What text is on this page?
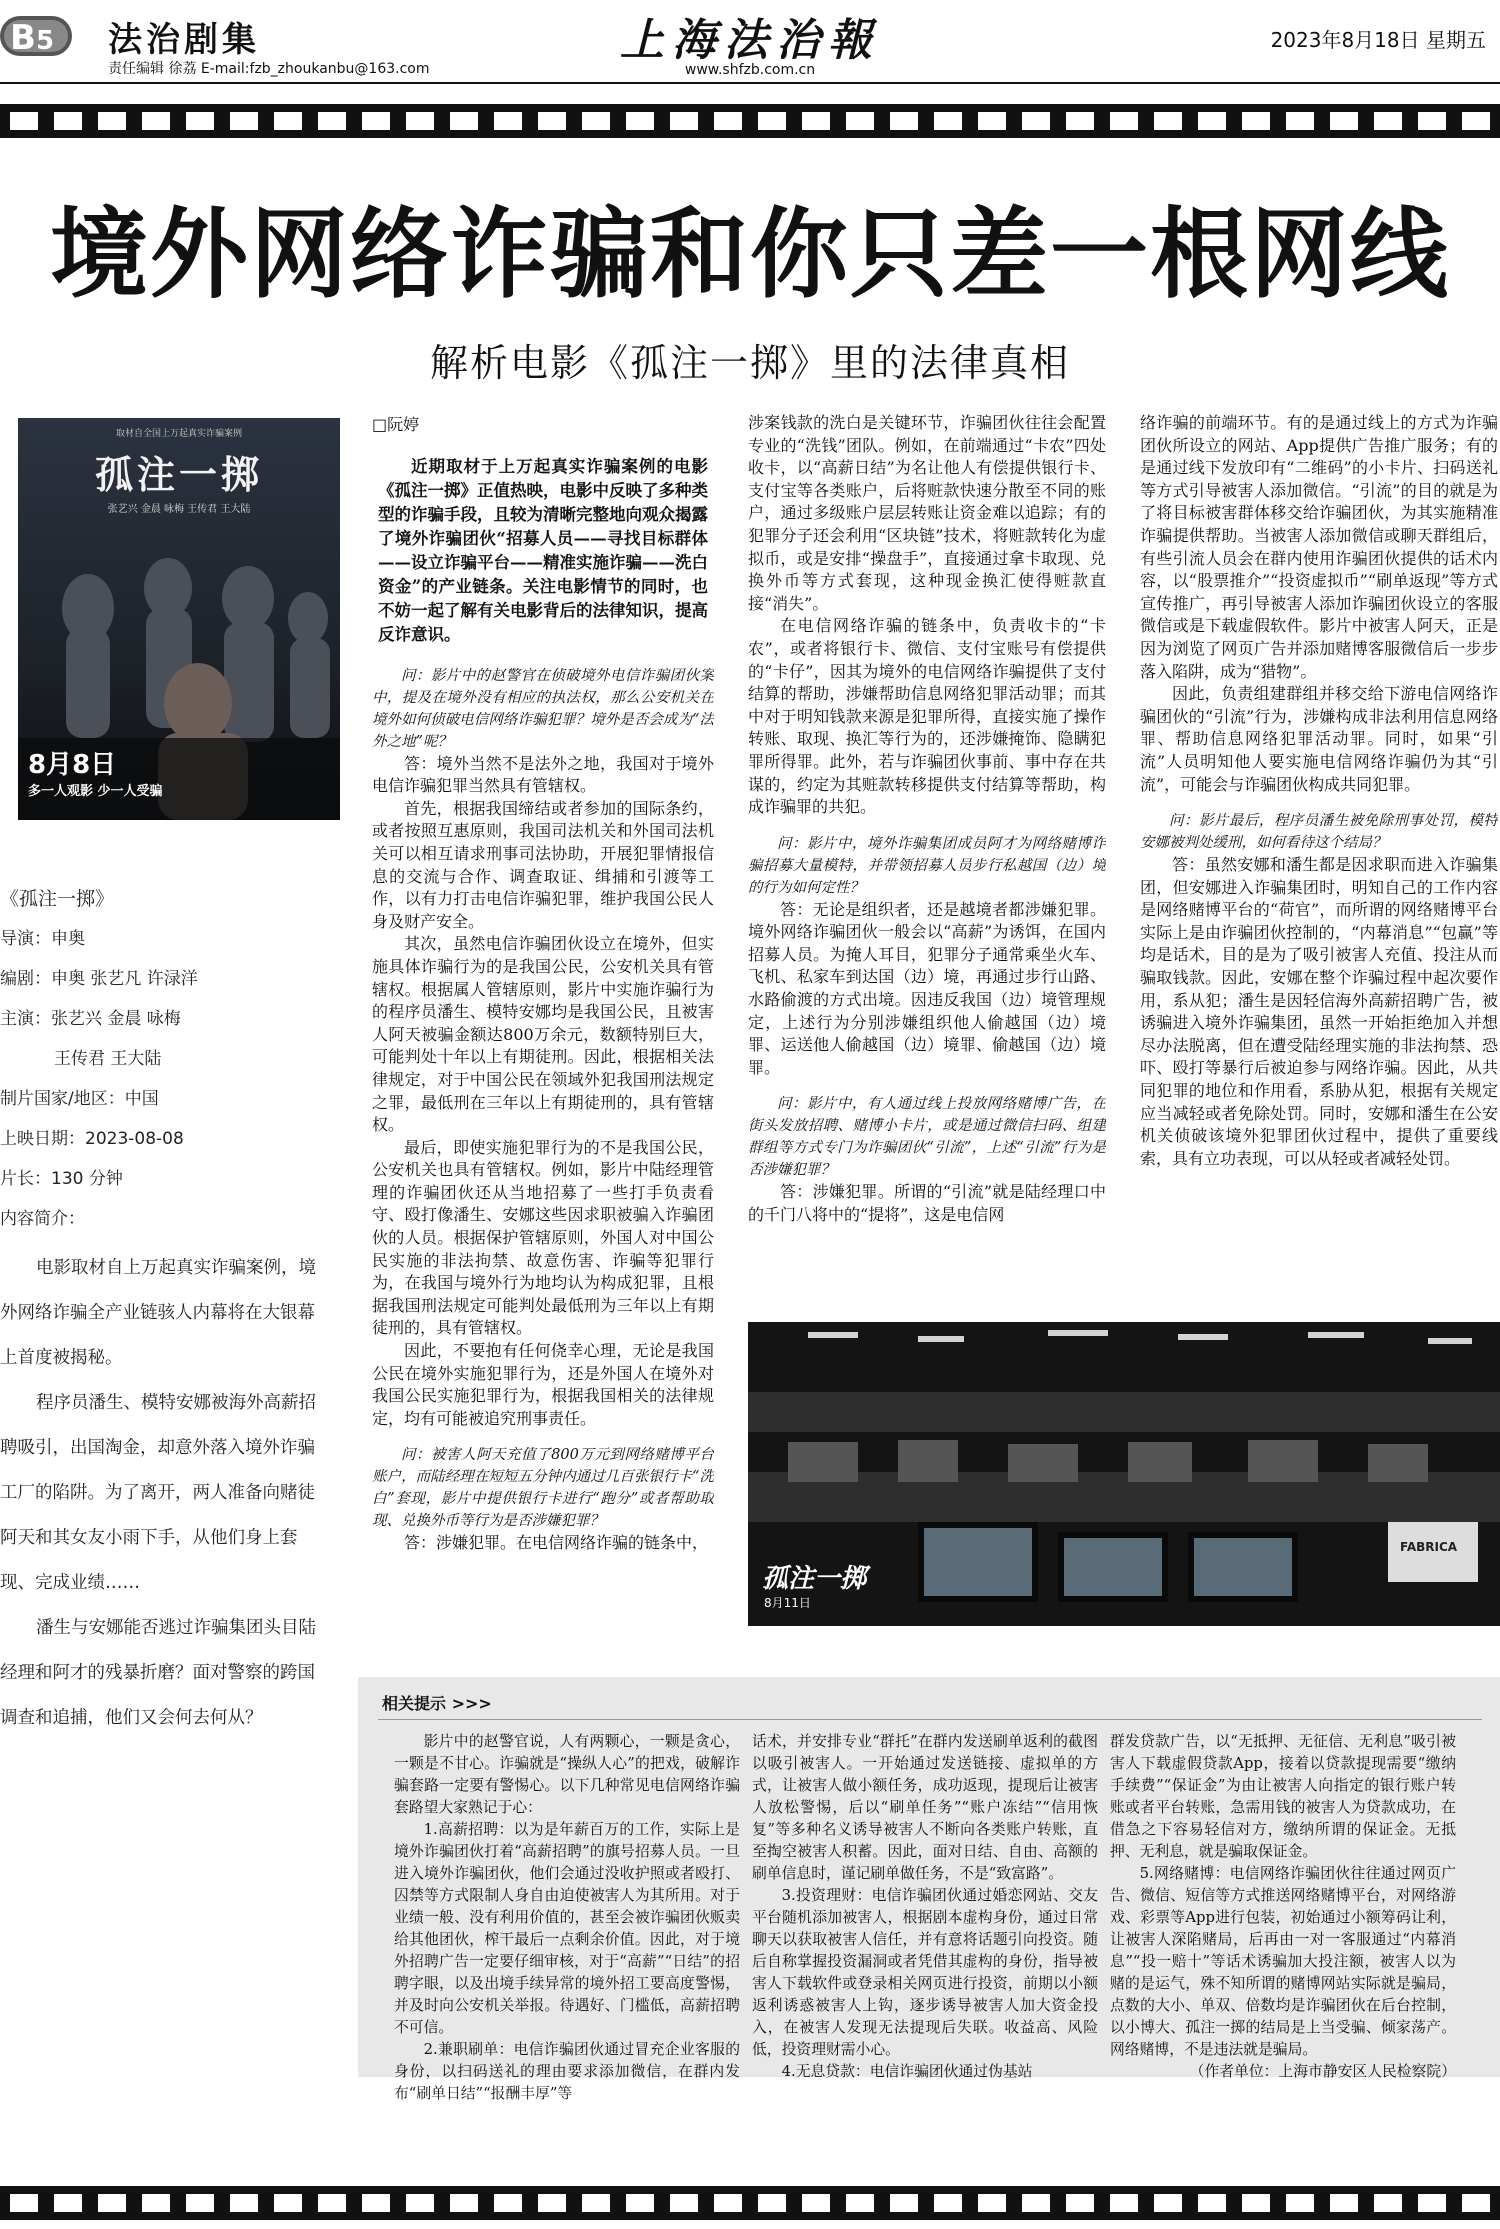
B 5 法治剧集
责任编辑 徐荔 E-mail:fzb_zhoukanbu@163.com
上海法治報
www.shfzb.com.cn
2023年8月18日 星期五
境外网络诈骗和你只差一根网线
解析电影《孤注一掷》里的法律真相
取材自全国上万起真实诈骗案例
孤注一掷
张艺兴 金晨 咏梅 王传君 王大陆
8月8日
多一人观影 少一人受骗
《孤注一掷》
导演：申奥
编剧：申奥 张艺凡 许渌洋
主演：张艺兴 金晨 咏梅
王传君 王大陆
制片国家/地区：中国
上映日期：2023-08-08
片长：130 分钟
内容简介：
电影取材自上万起真实诈骗案例，境外网络诈骗全产业链骇人内幕将在大银幕上首度被揭秘。
程序员潘生、模特安娜被海外高薪招聘吸引，出国淘金，却意外落入境外诈骗工厂的陷阱。为了离开，两人准备向赌徒阿天和其女友小雨下手，从他们身上套现、完成业绩……
潘生与安娜能否逃过诈骗集团头目陆经理和阿才的残暴折磨？面对警察的跨国调查和追捕，他们又会何去何从？
□阮婷

近期取材于上万起真实诈骗案例的电影《孤注一掷》正值热映，电影中反映了多种类型的诈骗手段，且较为清晰完整地向观众揭露了境外诈骗团伙“招募人员——寻找目标群体——设立诈骗平台——精准实施诈骗——洗白资金”的产业链条。关注电影情节的同时，也不妨一起了解有关电影背后的法律知识，提高反诈意识。

问：影片中的赵警官在侦破境外电信诈骗团伙案中，提及在境外没有相应的执法权，那么公安机关在境外如何侦破电信网络诈骗犯罪？境外是否会成为“法外之地”呢？

答：境外当然不是法外之地，我国对于境外电信诈骗犯罪当然具有管辖权。

首先，根据我国缔结或者参加的国际条约，或者按照互惠原则，我国司法机关和外国司法机关可以相互请求刑事司法协助，开展犯罪情报信息的交流与合作、调查取证、缉捕和引渡等工作，以有力打击电信诈骗犯罪，维护我国公民人身及财产安全。

其次，虽然电信诈骗团伙设立在境外，但实施具体诈骗行为的是我国公民，公安机关具有管辖权。根据属人管辖原则，影片中实施诈骗行为的程序员潘生、模特安娜均是我国公民，且被害人阿天被骗金额达800万余元，数额特别巨大，可能判处十年以上有期徒刑。因此，根据相关法律规定，对于中国公民在领域外犯我国刑法规定之罪，最低刑在三年以上有期徒刑的，具有管辖权。

最后，即使实施犯罪行为的不是我国公民，公安机关也具有管辖权。例如，影片中陆经理管理的诈骗团伙还从当地招募了一些打手负责看守、殴打像潘生、安娜这些因求职被骗入诈骗团伙的人员。根据保护管辖原则，外国人对中国公民实施的非法拘禁、故意伤害、诈骗等犯罪行为，在我国与境外行为地均认为构成犯罪，且根据我国刑法规定可能判处最低刑为三年以上有期徒刑的，具有管辖权。

因此，不要抱有任何侥幸心理，无论是我国公民在境外实施犯罪行为，还是外国人在境外对我国公民实施犯罪行为，根据我国相关的法律规定，均有可能被追究刑事责任。

问：被害人阿天充值了800万元到网络赌博平台账户，而陆经理在短短五分钟内通过几百张银行卡“洗白”套现，影片中提供银行卡进行“跑分”或者帮助取现、兑换外币等行为是否涉嫌犯罪？

答：涉嫌犯罪。在电信网络诈骗的链条中，

涉案钱款的洗白是关键环节，诈骗团伙往往会配置专业的“洗钱”团队。例如，在前端通过“卡农”四处收卡，以“高薪日结”为名让他人有偿提供银行卡、支付宝等各类账户，后将赃款快速分散至不同的账户，通过多级账户层层转账让资金难以追踪；有的犯罪分子还会利用“区块链”技术，将赃款转化为虚拟币，或是安排“操盘手”，直接通过拿卡取现、兑换外币等方式套现，这种现金换汇使得赃款直接“消失”。

在电信网络诈骗的链条中，负责收卡的“卡农”，或者将银行卡、微信、支付宝账号有偿提供的“卡仔”，因其为境外的电信网络诈骗提供了支付结算的帮助，涉嫌帮助信息网络犯罪活动罪；而其中对于明知钱款来源是犯罪所得，直接实施了操作转账、取现、换汇等行为的，还涉嫌掩饰、隐瞒犯罪所得罪。此外，若与诈骗团伙事前、事中存在共谋的，约定为其赃款转移提供支付结算等帮助，构成诈骗罪的共犯。

问：影片中，境外诈骗集团成员阿才为网络赌博诈骗招募大量模特，并带领招募人员步行私越国（边）境的行为如何定性？

答：无论是组织者，还是越境者都涉嫌犯罪。境外网络诈骗团伙一般会以“高薪”为诱饵，在国内招募人员。为掩人耳目，犯罪分子通常乘坐火车、飞机、私家车到达国（边）境，再通过步行山路、水路偷渡的方式出境。因违反我国（边）境管理规定，上述行为分别涉嫌组织他人偷越国（边）境罪、运送他人偷越国（边）境罪、偷越国（边）境罪。

问：影片中，有人通过线上投放网络赌博广告，在街头发放招聘、赌博小卡片，或是通过微信扫码、组建群组等方式专门为诈骗团伙“引流”，上述“引流”行为是否涉嫌犯罪？

答：涉嫌犯罪。所谓的“引流”就是陆经理口中的千门八将中的“提将”，这是电信网

络诈骗的前端环节。有的是通过线上的方式为诈骗团伙所设立的网站、App提供广告推广服务；有的是通过线下发放印有“二维码”的小卡片、扫码送礼等方式引导被害人添加微信。“引流”的目的就是为了将目标被害群体移交给诈骗团伙，为其实施精准诈骗提供帮助。当被害人添加微信或聊天群组后，有些引流人员会在群内使用诈骗团伙提供的话术内容，以“股票推介”“投资虚拟币”“刷单返现”等方式宣传推广，再引导被害人添加诈骗团伙设立的客服微信或是下载虚假软件。影片中被害人阿天，正是因为浏览了网页广告并添加赌博客服微信后一步步落入陷阱，成为“猎物”。

因此，负责组建群组并移交给下游电信网络诈骗团伙的“引流”行为，涉嫌构成非法利用信息网络罪、帮助信息网络犯罪活动罪。同时，如果“引流”人员明知他人要实施电信网络诈骗仍为其“引流”，可能会与诈骗团伙构成共同犯罪。

问：影片最后，程序员潘生被免除刑事处罚，模特安娜被判处缓刑，如何看待这个结局？

答：虽然安娜和潘生都是因求职而进入诈骗集团，但安娜进入诈骗集团时，明知自己的工作内容是网络赌博平台的“荷官”，而所谓的网络赌博平台实际上是由诈骗团伙控制的，“内幕消息”“包赢”等均是话术，目的是为了吸引被害人充值、投注从而骗取钱款。因此，安娜在整个诈骗过程中起次要作用，系从犯；潘生是因轻信海外高薪招聘广告，被诱骗进入境外诈骗集团，虽然一开始拒绝加入并想尽办法脱离，但在遭受陆经理实施的非法拘禁、恐吓、殴打等暴行后被迫参与网络诈骗。因此，从共同犯罪的地位和作用看，系胁从犯，根据有关规定应当减轻或者免除处罚。同时，安娜和潘生在公安机关侦破该境外犯罪团伙过程中，提供了重要线索，具有立功表现，可以从轻或者减轻处罚。

孤注一掷
8月11日
FABRICA
相关提示 >>>

影片中的赵警官说，人有两颗心，一颗是贪心，一颗是不甘心。诈骗就是“操纵人心”的把戏，破解诈骗套路一定要有警惕心。以下几种常见电信网络诈骗套路望大家熟记于心：

1.高薪招聘：以为是年薪百万的工作，实际上是境外诈骗团伙打着“高薪招聘”的旗号招募人员。一旦进入境外诈骗团伙，他们会通过没收护照或者殴打、囚禁等方式限制人身自由迫使被害人为其所用。对于业绩一般、没有利用价值的，甚至会被诈骗团伙贩卖给其他团伙，榨干最后一点剩余价值。因此，对于境外招聘广告一定要仔细审核，对于“高薪”“日结”的招聘字眼，以及出境手续异常的境外招工要高度警惕，并及时向公安机关举报。待遇好、门槛低，高薪招聘不可信。

2.兼职刷单：电信诈骗团伙通过冒充企业客服的身份，以扫码送礼的理由要求添加微信，在群内发布“刷单日结”“报酬丰厚”等

话术，并安排专业“群托”在群内发送刷单返利的截图以吸引被害人。一开始通过发送链接、虚拟单的方式，让被害人做小额任务，成功返现，提现后让被害人放松警惕，后以“刷单任务”“账户冻结”“信用恢复”等多种名义诱导被害人不断向各类账户转账，直至掏空被害人积蓄。因此，面对日结、自由、高额的刷单信息时，谨记刷单做任务，不是“致富路”。

3.投资理财：电信诈骗团伙通过婚恋网站、交友平台随机添加被害人，根据剧本虚构身份，通过日常聊天以获取被害人信任，并有意将话题引向投资。随后自称掌握投资漏洞或者凭借其虚构的身份，指导被害人下载软件或登录相关网页进行投资，前期以小额返利诱惑被害人上钩，逐步诱导被害人加大资金投入，在被害人发现无法提现后失联。收益高、风险低，投资理财需小心。

4.无息贷款：电信诈骗团伙通过伪基站

群发贷款广告，以“无抵押、无征信、无利息”吸引被害人下载虚假贷款App，接着以贷款提现需要“缴纳手续费”“保证金”为由让被害人向指定的银行账户转账或者平台转账，急需用钱的被害人为贷款成功，在借急之下容易轻信对方，缴纳所谓的保证金。无抵押、无利息，就是骗取保证金。

5.网络赌博：电信网络诈骗团伙往往通过网页广告、微信、短信等方式推送网络赌博平台，对网络游戏、彩票等App进行包装，初始通过小额筹码让利，让被害人深陷赌局，后再由一对一客服通过“内幕消息”“投一赔十”等话术诱骗加大投注额，被害人以为赌的是运气，殊不知所谓的赌博网站实际就是骗局，点数的大小、单双、倍数均是诈骗团伙在后台控制，以小博大、孤注一掷的结局是上当受骗、倾家荡产。网络赌博，不是违法就是骗局。

（作者单位：上海市静安区人民检察院）
